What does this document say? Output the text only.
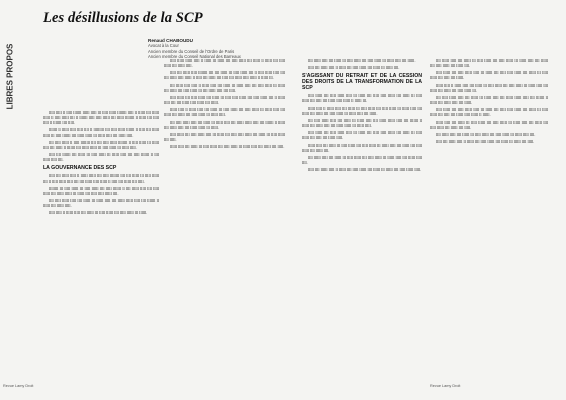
Les désillusions de la SCP
LIBRES PROPOS
Renaud CHABOUDU
Avocat à la Cour
Ancien membre du Conseil de l'Ordre de Paris
Ancien membre du Conseil National des Barreaux

lllll lllll ll lllll lllllll llllll lllll lll lllll llllll llllllll lllll ll llllll llll llllll llllll ll lllll llllll llll ll lllllll lllll lllll llllll llll llllll llllllll ll llllll llll lllll lllll ll lllllll llll lllll.

lllllll ll llllll lllll lllll llll ll lllllllll llll lllll llllll lllllll ll lllll llll llllll llllll lll lllll lllllll llll llllll llllll lll llllll lllll llll llllll lllll.

llll lllll llllll ll lllll llllllll llll llll lllll llllll llllllll ll lllll llllll lll llllll lllll llll llllll ll lllllll llll llllll llllll lll lllll llllll lll llllll lllll.

lllll llll lllllll llll llllll lll lllll llllll lll llllll lllll llll lllll lllllll ll llll llllll lllll llll.

LA GOUVERNANCE DES SCP

lllll llll llllll lllll ll llllll llllll llll lllll llllllll llll llll llllll lll lllll llllll llll ll lllll llllll lllll llll llll llllll lllll llllll ll lllll llll llllll llll lllll.

llllllll lll lllll llllll lll lllll llllll llll lllll lllllll ll llll llllll lllll llll lllll llllll llll llllll llllll lll llllll llll lllll lllll llllll llll.

llll lllll llllll lllll llll llllll lll llllll lllll llll llllll llllll lllll llll lllllll ll llllll llll llllll lllll.

lllll lllll ll llllll lllll llll llllll lll lllll llllll llll lllll llllll lll llllll.

lllll llllll llllll lllll ll llllll lll llllll llll lllll llllll llll llllll ll llllll llll lllll llllll llll llllll lllll.

lllll llll llllll lllll llllllll llll llll llllll lll lllll llllll llll ll lllll llllll lllll llll llll llllll lllll llllll ll lllll llll llllll llll lllll llll llllll lllll llllll ll llllll lll.

llll llllll lllll lllll ll llllll lllll llll llllll lll llllll lllll llll lllll llllll lll llllll llll llllll llll lllll llllll lll llll llllll lllll llll lllll.

lllll llllll llll lllll llllll llll llllll lll lllll lllll llllll llll lllll llllll llll ll llllll lllll llll llll llllll lllll llllll llll llllll.

llllll lllll ll llllll lllll llll llllll lll lllll llllll llll lllll llllll lll llllll lllll llll llllll llll llllll llll lllll llllll lll llllll lllll.

llll lllll llllll lllll llll llllll lll llllll lllll llll llllll llllll lllll llll lllllll ll llllll llll llllll lllll llll llllll llllll lll llllll.

lllll llllll llll lllll llllll lllll lll llllll llll lllll lllll llllll llll llllll lll lllll llllll llll lllll.

llllll lllll llll llllll lll lllll llllll llll lllll llllll lll llllll lllll llll llllll llll lllll.

llll llllll lllll llll llllll lll lllll llllll llll lllll llllll lll llllll lllll llll llllll.

lllll llll llllll lllll ll llllll llll lllll llllll llll llllll lll llllll llll.

S'AGISSANT DU RETRAIT ET DE LA CESSION DES DROITS DE LA TRANSFORMATION DE LA SCP

lllll llllll llll lllll llllll lllll lll llllll llll lllll lllll llllll llll llllll lll lllll llllll llll lllll llll llllll lllll llllll ll llllll lll.

llllll lllll ll llllll lllll llll llllll lll lllll llllll llll lllll llllll lll llllll lllll llll llllll llll llllll llll lllll llllll lll llllll lllll llll llllll.

llll lllll llllll lllll llll llllll lll llllll lllll llll llllll llllll lllll llll lllllll ll llllll llll llllll lllll llll llllll llllll lll llllll lllll.

lllll llllll llll lllll llllll lllll lll llllll llll lllll lllll llllll llll llllll lll lllll llllll llll lllll llll llllll lllll.

llllll lllll llll llllll lll lllll llllll llll lllll llllll lll llllll lllll llll llllll llll lllll llllll llll llllll llll.

llll llllll lllll llll llllll lll lllll llllll llll lllll llllll lll llllll lllll llll llllll lllll llll.

lllll llll llllll lllll ll llllll llll lllll llllll llll llllll lll llllll llll lllll llllll lllll.

llll llllll lllll llll llllll lll lllll llllll llll lllll llllll lll llllll lllll llll llllll llll lllll llllll llll llllll llll.

lllll llllll llll lllll llllll lllll lll llllll llll lllll lllll llllll llll llllll lll lllll llllll llll lllll llll llllll.

llllll lllll ll llllll lllll llll llllll lll lllll llllll llll lllll llllll lll llllll lllll llll llllll llll llllll llll lllll llllll lll.

llll lllll llllll lllll llll llllll lll llllll lllll llll llllll llllll lllll llll lllllll ll llllll llll llllll lllll llll llllll.

lllll llllll llll lllll llllll lllll lll llllll llll lllll lllll llllll llll llllll lll lllll llllll llll lllll llll llllll lllll llllll ll llllll.

llllll lllll llll llllll lll lllll llllll llll lllll llllll lll llllll lllll llll llllll llll lllll llllll llll llllll llll lllll.

llll llllll lllll llll llllll lll lllll llllll llll lllll llllll lll llllll lllll llll.

lllll llll llllll lllll ll llllll llll lllll llllll llll llllll lll llllll llll lllll.

Revue Lamy Droit	Revue Lamy Droit
